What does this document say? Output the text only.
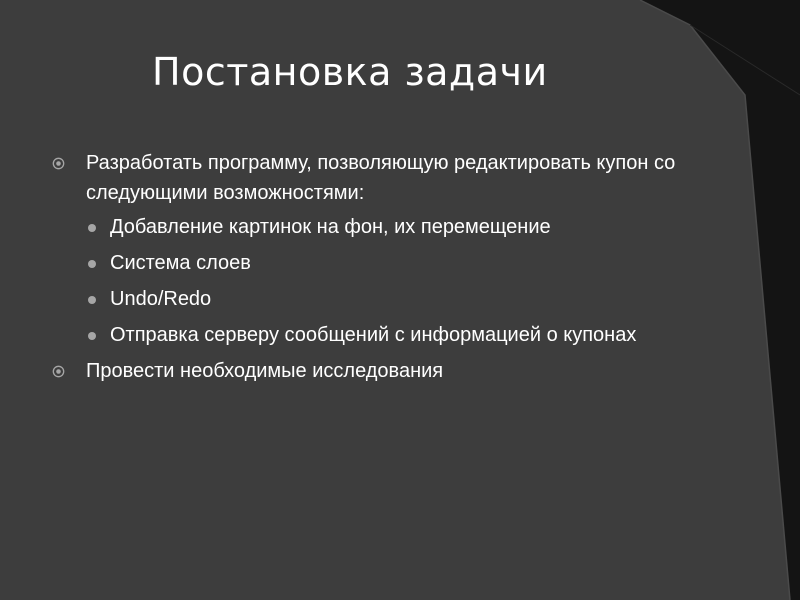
Постановка задачи
Разработать программу, позволяющую редактировать купон со следующими возможностями:
Добавление картинок на фон, их перемещение
Система слоев
Undo/Redo
Отправка серверу сообщений с информацией о купонах
Провести необходимые исследования
